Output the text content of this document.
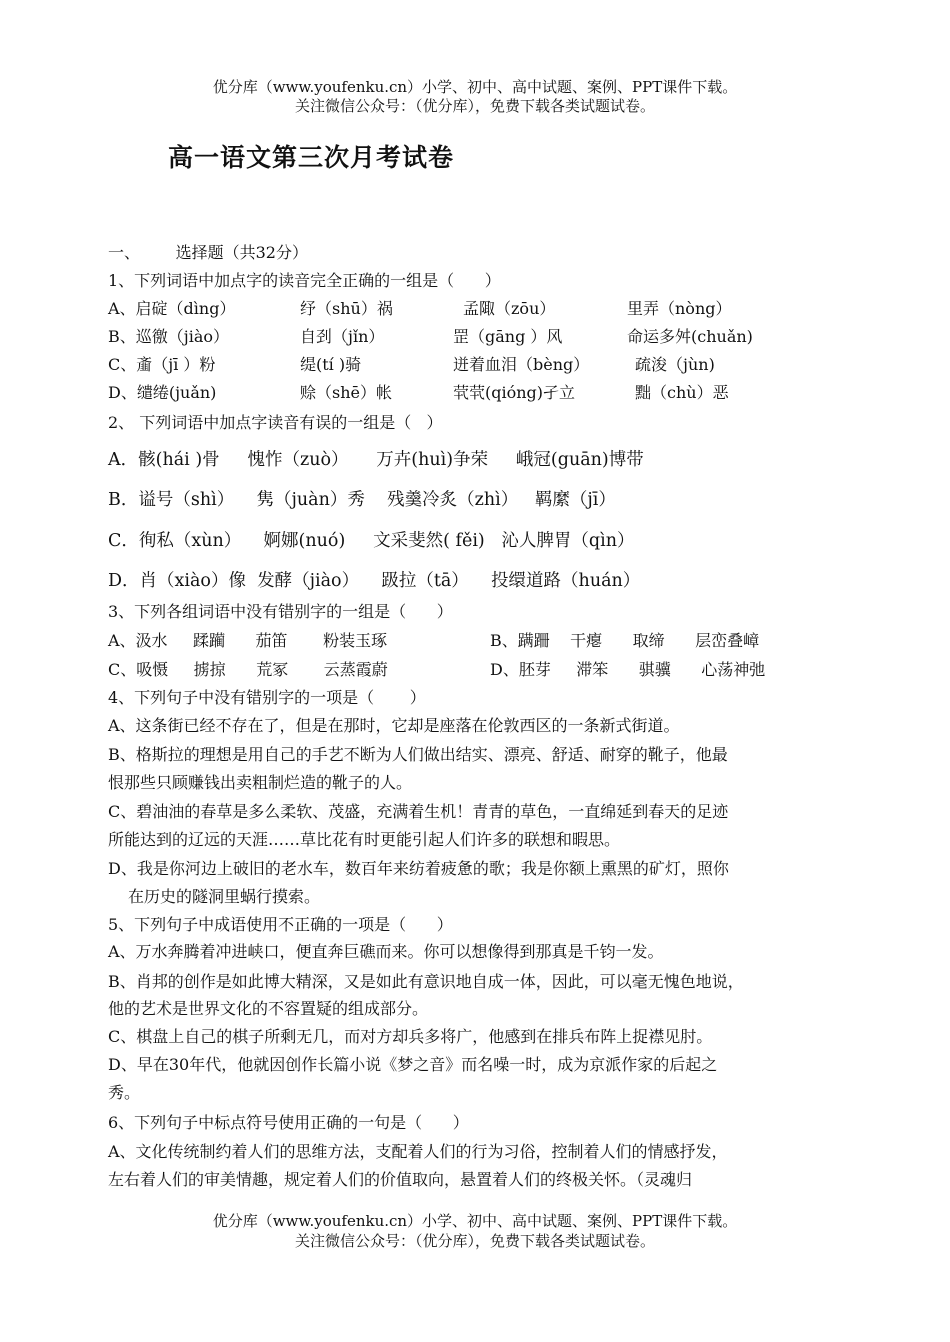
优分库（www.youfenku.cn）小学、初中、高中试题、案例、PPT课件下载。
关注微信公众号：（优分库），免费下载各类试题试卷。
高一语文第三次月考试卷
一、       选择题（共32分）
1、下列词语中加点字的读音完全正确的一组是（      ）
A、启碇（dìng）	纾（shū）祸	孟陬（zōu）	里弄（nòng）
B、巡徼（jiào）	自刭（jǐn）	罡（gāng ）风	命运多舛(chuǎn)
C、齑（jī ）粉	缇(tí )骑	迸着血泪（bèng）	疏浚（jùn)
D、缱绻(juǎn)	赊（shē）帐	茕茕(qióng)孑立	黜（chù）恶
2、 下列词语中加点字读音有误的一组是（   ）
A．骸(hái )骨     愧怍（zuò）     万卉(huì)争荣     峨冠(guān)博带
B．谥号（shì）    隽（juàn）秀    残羹冷炙（zhì）   羁縻（jī）
C．徇私（xùn）    婀娜(nuó)     文采斐然( fěi)   沁人脾胃（qìn）
D．肖（xiào）像  发酵（jiào）    趿拉（tā）    投缳道路（huán）
3、下列各组词语中没有错别字的一组是（      ）
A、汲水     蹂躏      茄笛       粉装玉琢	B、蹒跚    干瘪      取缔      层峦叠嶂
C、吸慑     掳掠      荒冢       云蒸霞蔚	D、胚芽     滞笨      骐骥      心荡神弛
4、下列句子中没有错别字的一项是（       ）
A、这条街已经不存在了，但是在那时，它却是座落在伦敦西区的一条新式街道。
B、格斯拉的理想是用自己的手艺不断为人们做出结实、漂亮、舒适、耐穿的靴子，他最
恨那些只顾赚钱出卖粗制烂造的靴子的人。
C、碧油油的春草是多么柔软、茂盛，充满着生机！青青的草色，一直绵延到春天的足迹
所能达到的辽远的天涯……草比花有时更能引起人们许多的联想和暇思。
D、我是你河边上破旧的老水车，数百年来纺着疲惫的歌；我是你额上熏黑的矿灯，照你
在历史的隧洞里蜗行摸索。
5、下列句子中成语使用不正确的一项是（      ）
A、万水奔腾着冲进峡口，便直奔巨礁而来。你可以想像得到那真是千钧一发。
B、肖邦的创作是如此博大精深，又是如此有意识地自成一体，因此，可以毫无愧色地说，
他的艺术是世界文化的不容置疑的组成部分。
C、棋盘上自己的棋子所剩无几，而对方却兵多将广，他感到在排兵布阵上捉襟见肘。
D、早在30年代，他就因创作长篇小说《梦之音》而名噪一时，成为京派作家的后起之
秀。
6、下列句子中标点符号使用正确的一句是（      ）
A、文化传统制约着人们的思维方法，支配着人们的行为习俗，控制着人们的情感抒发，
左右着人们的审美情趣，规定着人们的价值取向，悬置着人们的终极关怀。（灵魂归
优分库（www.youfenku.cn）小学、初中、高中试题、案例、PPT课件下载。
关注微信公众号：（优分库），免费下载各类试题试卷。
